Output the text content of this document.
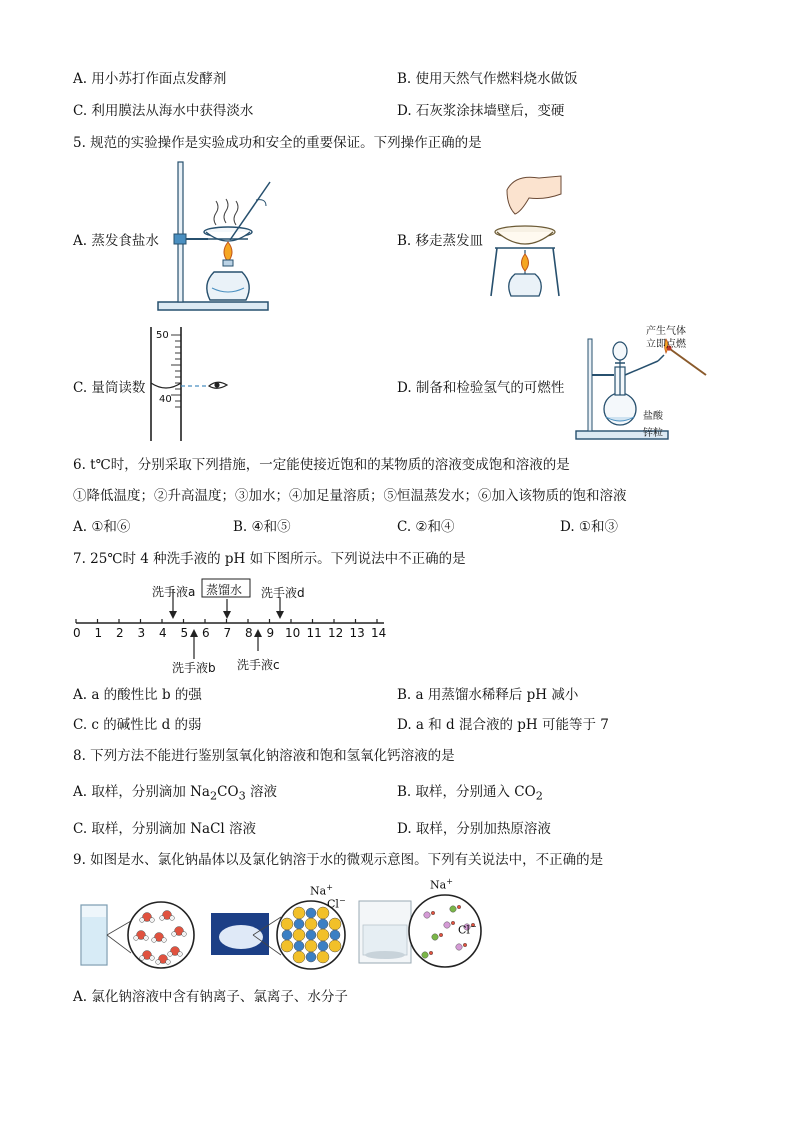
A. 用小苏打作面点发酵剂	B. 使用天然气作燃料烧水做饭
C. 利用膜法从海水中获得淡水	D. 石灰浆涂抹墙壁后，变硬
5. 规范的实验操作是实验成功和安全的重要保证。下列操作正确的是
A. 蒸发食盐水	B. 移走蒸发皿
50
40
C. 量筒读数
产生气体
立即点燃
盐酸
锌粒
D. 制备和检验氢气的可燃性
6. t℃时，分别采取下列措施，一定能使接近饱和的某物质的溶液变成饱和溶液的是
①降低温度；②升高温度；③加水；④加足量溶质；⑤恒温蒸发水；⑥加入该物质的饱和溶液
A. ①和⑥	B. ④和⑤	C. ②和④	D. ①和③
7. 25℃时 4 种洗手液的 pH 如下图所示。下列说法中不正确的是
洗手液a 蒸馏水 洗手液d
洗手液b 洗手液c
0 1 2 3 4 5 6 7 8 9 10 11 12 13 14
A. a 的酸性比 b 的强	B. a 用蒸馏水稀释后 pH 减小
C. c 的碱性比 d 的弱	D. a 和 d 混合液的 pH 可能等于 7
8. 下列方法不能进行鉴别氢氧化钠溶液和饱和氢氧化钙溶液的是
A. 取样，分别滴加 $Na_2CO_3$ 溶液	B. 取样，分别通入 $CO_2$
C. 取样，分别滴加 NaCl 溶液	D. 取样，分别加热原溶液
9. 如图是水、氯化钠晶体以及氯化钠溶于水的微观示意图。下列有关说法中，不正确的是
Na+
Cl−
Na+
Cl−
A. 氯化钠溶液中含有钠离子、氯离子、水分子
